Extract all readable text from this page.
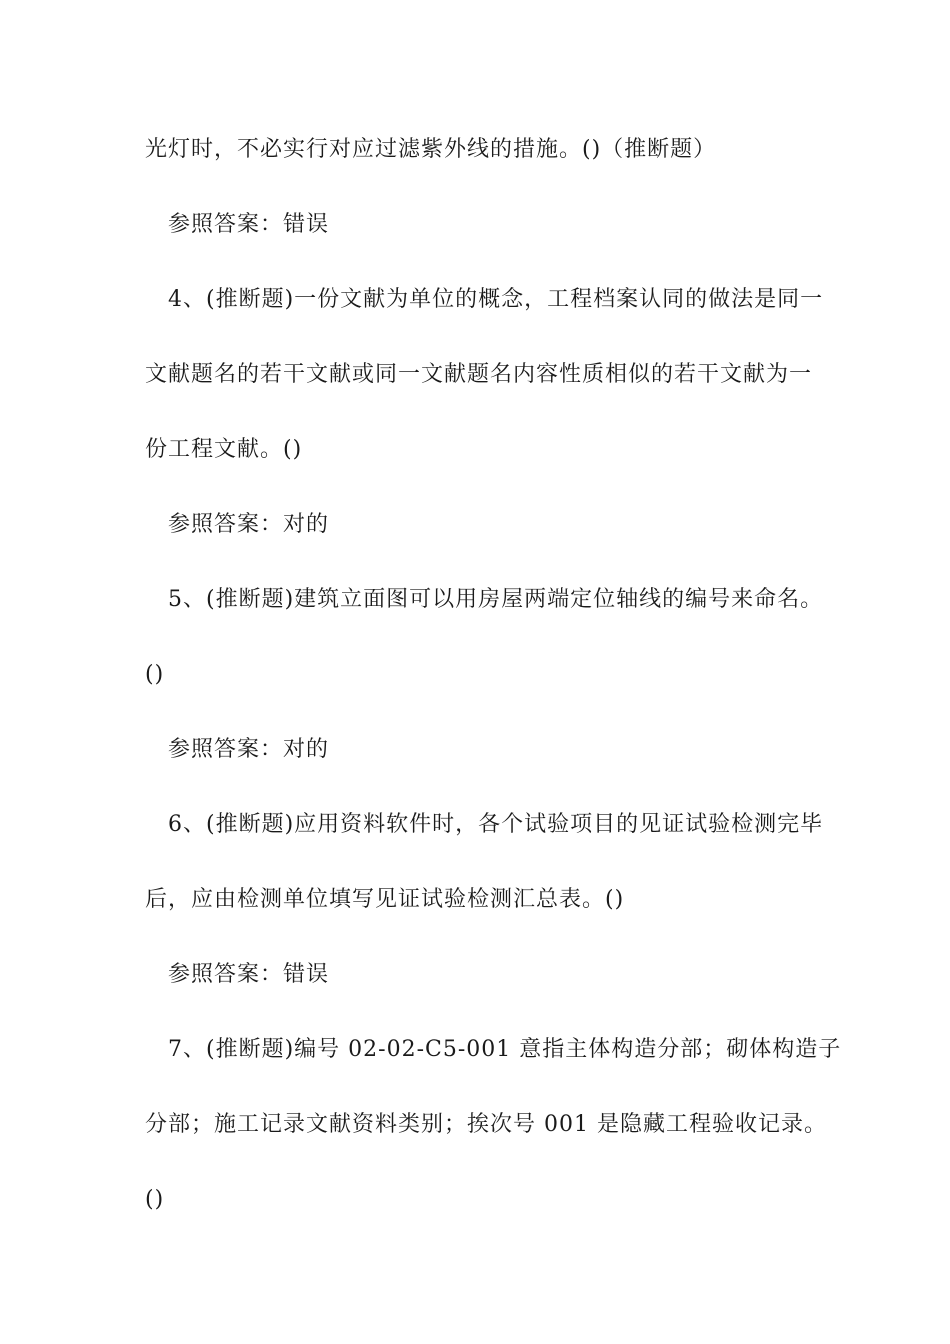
光灯时，不必实行对应过滤紫外线的措施。()（推断题）
参照答案：错误
4、(推断题)一份文献为单位的概念，工程档案认同的做法是同一
文献题名的若干文献或同一文献题名内容性质相似的若干文献为一
份工程文献。()
参照答案：对的
5、(推断题)建筑立面图可以用房屋两端定位轴线的编号来命名。
()
参照答案：对的
6、(推断题)应用资料软件时，各个试验项目的见证试验检测完毕
后，应由检测单位填写见证试验检测汇总表。()
参照答案：错误
7、(推断题)编号 02-02-C5-001 意指主体构造分部；砌体构造子
分部；施工记录文献资料类别；挨次号 001 是隐藏工程验收记录。
()
